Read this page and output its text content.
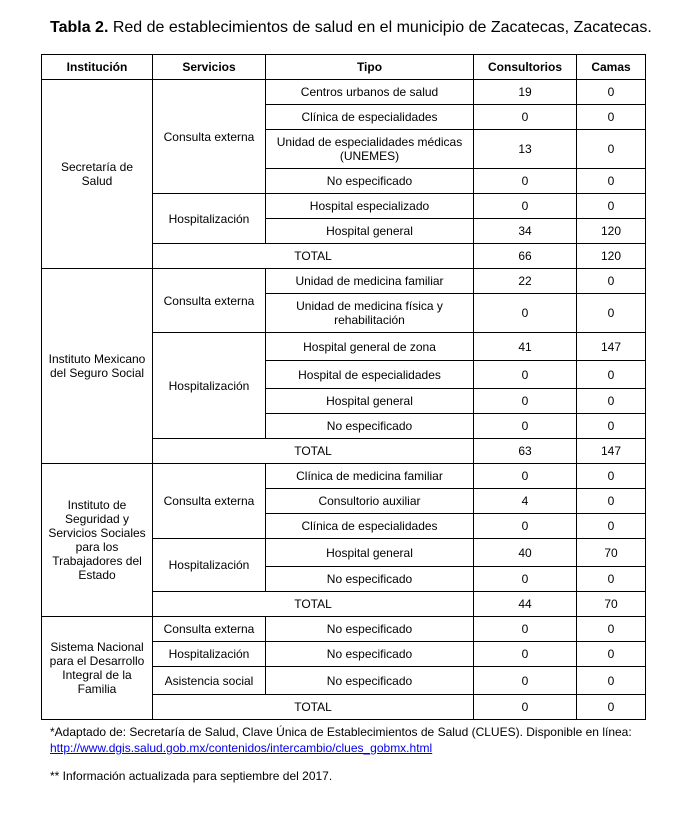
Tabla 2. Red de establecimientos de salud en el municipio de Zacatecas, Zacatecas.
Institución	Servicios	Tipo	Consultorios	Camas
Secretaría de Salud	Consulta externa	Centros urbanos de salud	19	0
		Clínica de especialidades	0	0
		Unidad de especialidades médicas (UNEMES)	13	0
		No especificado	0	0
	Hospitalización	Hospital especializado	0	0
		Hospital general	34	120
	TOTAL		66	120
Instituto Mexicano del Seguro Social	Consulta externa	Unidad de medicina familiar	22	0
		Unidad de medicina física y rehabilitación	0	0
	Hospitalización	Hospital general de zona	41	147
		Hospital de especialidades	0	0
		Hospital general	0	0
		No especificado	0	0
	TOTAL		63	147
Instituto de Seguridad y Servicios Sociales para los Trabajadores del Estado	Consulta externa	Clínica de medicina familiar	0	0
		Consultorio auxiliar	4	0
		Clínica de especialidades	0	0
	Hospitalización	Hospital general	40	70
		No especificado	0	0
	TOTAL		44	70
Sistema Nacional para el Desarrollo Integral de la Familia	Consulta externa	No especificado	0	0
	Hospitalización	No especificado	0	0
	Asistencia social	No especificado	0	0
	TOTAL		0	0
*Adaptado de: Secretaría de Salud, Clave Única de Establecimientos de Salud (CLUES). Disponible en línea:
http://www.dgis.salud.gob.mx/contenidos/intercambio/clues_gobmx.html
** Información actualizada para septiembre del 2017.
